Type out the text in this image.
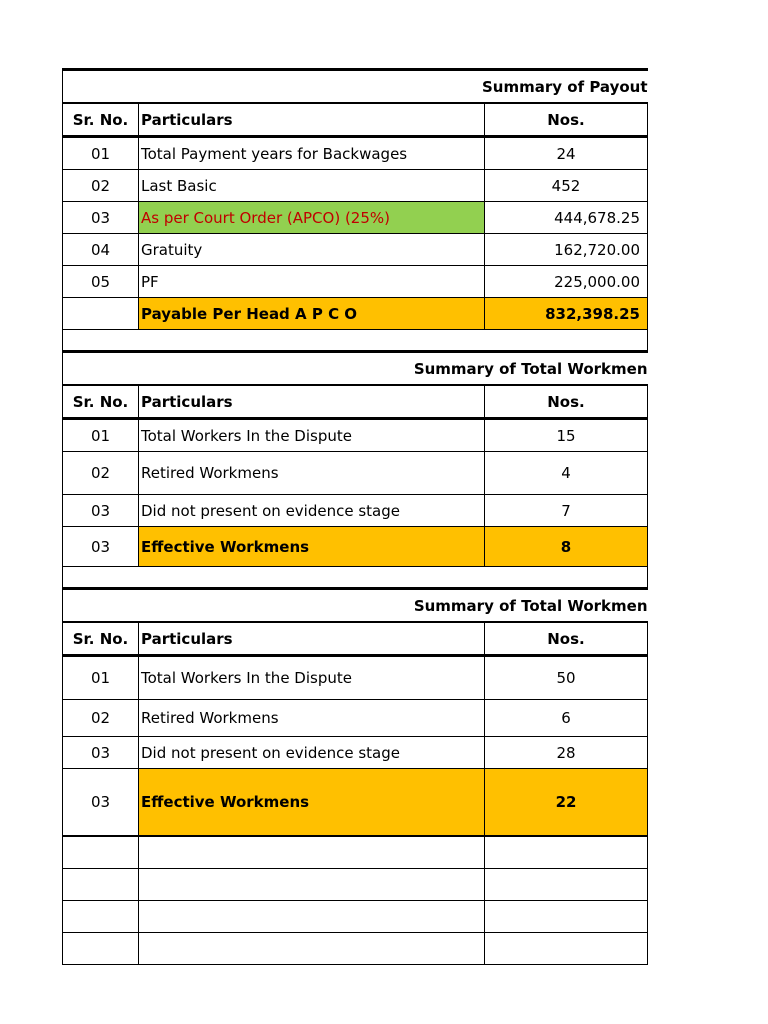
Summary of Payout		
Sr. No.	Particulars	Nos.
01	Total Payment years for Backwages	24
02	Last Basic	452
03	As per Court Order (APCO) (25%)	444,678.25
04	Gratuity	162,720.00
05	PF	225,000.00
	Payable Per Head A P C O	832,398.25

Summary of Total Workmen		
Sr. No.	Particulars	Nos.
01	Total Workers In the Dispute	15
02	Retired Workmens	4
03	Did not present on evidence stage	7
03	Effective Workmens	8

Summary of Total Workmen		
Sr. No.	Particulars	Nos.
01	Total Workers In the Dispute	50
02	Retired Workmens	6
03	Did not present on evidence stage	28
03	Effective Workmens	22
